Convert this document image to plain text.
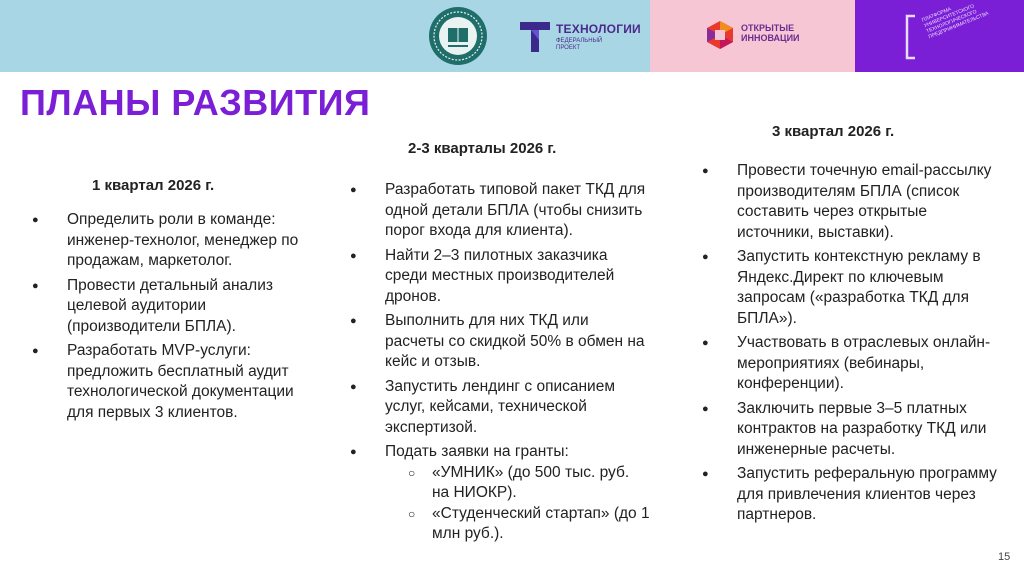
ТЕХНОЛОГИИ
ФЕДЕРАЛЬНЫЙ ПРОЕКТ
ОТКРЫТЫЕ
ИННОВАЦИИ
ПЛАТФОРМА УНИВЕРСИТЕТСКОГО ТЕХНОЛОГИЧЕСКОГО ПРЕДПРИНИМАТЕЛЬСТВА
ПЛАНЫ РАЗВИТИЯ
1 квартал 2026 г.
2-3 кварталы 2026 г.
3 квартал 2026 г.
● Определить роли в команде: инженер-технолог, менеджер по продажам, маркетолог.
● Провести детальный анализ целевой аудитории (производители БПЛА).
● Разработать MVP-услуги: предложить бесплатный аудит технологической документации для первых 3 клиентов.
● Разработать типовой пакет ТКД для одной детали БПЛА (чтобы снизить порог входа для клиента).
● Найти 2–3 пилотных заказчика среди местных производителей дронов.
● Выполнить для них ТКД или расчеты со скидкой 50% в обмен на кейс и отзыв.
● Запустить лендинг с описанием услуг, кейсами, технической экспертизой.
● Подать заявки на гранты:
○ «УМНИК» (до 500 тыс. руб. на НИОКР).
○ «Студенческий стартап» (до 1 млн руб.).
● Провести точечную email-рассылку производителям БПЛА (список составить через открытые источники, выставки).
● Запустить контекстную рекламу в Яндекс.Директ по ключевым запросам («разработка ТКД для БПЛА»).
● Участвовать в отраслевых онлайн-мероприятиях (вебинары, конференции).
● Заключить первые 3–5 платных контрактов на разработку ТКД или инженерные расчеты.
● Запустить реферальную программу для привлечения клиентов через партнеров.
15
